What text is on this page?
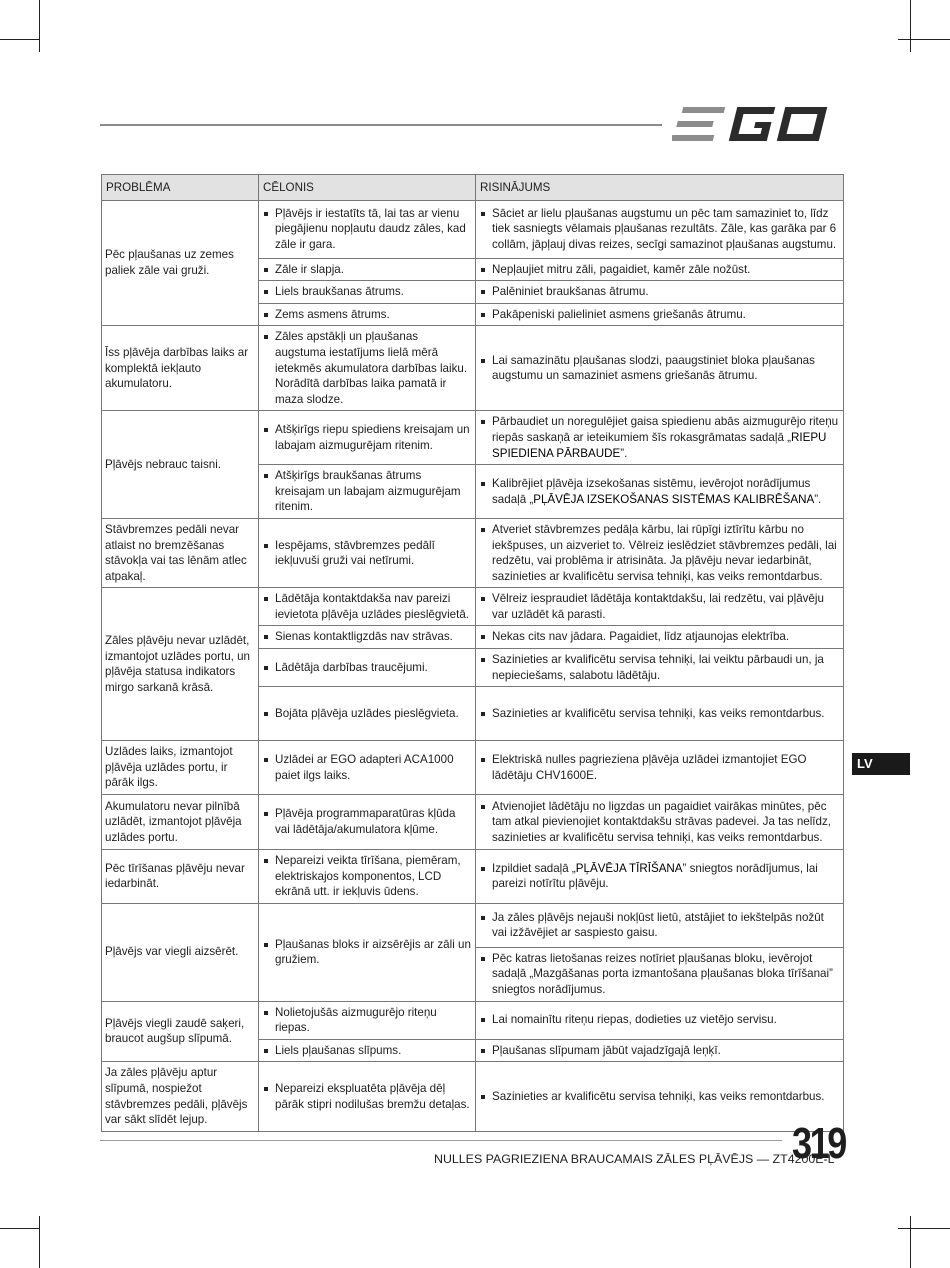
PROBLĒMA	CĒLONIS	RISINĀJUMS
Pēc pļaušanas uz zemes paliek zāle vai gruži.	Pļāvējs ir iestatīts tā, lai tas ar vienu piegājienu nopļautu daudz zāles, kad zāle ir gara.	Sāciet ar lielu pļaušanas augstumu un pēc tam samaziniet to, līdz tiek sasniegts vēlamais pļaušanas rezultāts. Zāle, kas garāka par 6 collām, jāpļauj divas reizes, secīgi samazinot pļaušanas augstumu.

	Zāle ir slapja.	Nepļaujiet mitru zāli, pagaidiet, kamēr zāle nožūst.

	Liels braukšanas ātrums.	Palēniniet braukšanas ātrumu.

	Zems asmens ātrums.	Pakāpeniski palieliniet asmens griešanās ātrumu.

Īss pļāvēja darbības laiks ar komplektā iekļauto akumulatoru.	Zāles apstākļi un pļaušanas augstuma iestatījums lielā mērā ietekmēs akumulatora darbības laiku. Norādītā darbības laika pamatā ir maza slodze.	Lai samazinātu pļaušanas slodzi, paaugstiniet bloka pļaušanas augstumu un samaziniet asmens griešanās ātrumu.

Pļāvējs nebrauc taisni.	Atšķirīgs riepu spiediens kreisajam un labajam aizmugurējam ritenim.	Pārbaudiet un noregulējiet gaisa spiedienu abās aizmugurējo riteņu riepās saskaņā ar ieteikumiem šīs rokasgrāmatas sadaļā „RIEPU SPIEDIENA PĀRBAUDE”.

	Atšķirīgs braukšanas ātrums kreisajam un labajam aizmugurējam ritenim.	Kalibrējiet pļāvēja izsekošanas sistēmu, ievērojot norādījumus sadaļā „PĻĀVĒJA IZSEKOŠANAS SISTĒMAS KALIBRĒŠANA”.

Stāvbremzes pedāli nevar atlaist no bremzēšanas stāvokļa vai tas lēnām atlec atpakaļ.	Iespējams, stāvbremzes pedālī iekļuvuši gruži vai netīrumi.	Atveriet stāvbremzes pedāļa kārbu, lai rūpīgi iztīrītu kārbu no iekšpuses, un aizveriet to. Vēlreiz ieslēdziet stāvbremzes pedāli, lai redzētu, vai problēma ir atrisināta. Ja pļāvēju nevar iedarbināt, sazinieties ar kvalificētu servisa tehniķi, kas veiks remontdarbus.

Zāles pļāvēju nevar uzlādēt, izmantojot uzlādes portu, un pļāvēja statusa indikators mirgo sarkanā krāsā.	Lādētāja kontaktdakša nav pareizi ievietota pļāvēja uzlādes pieslēgvietā.	Vēlreiz iespraudiet lādētāja kontaktdakšu, lai redzētu, vai pļāvēju var uzlādēt kā parasti.

	Sienas kontaktligzdās nav strāvas.	Nekas cits nav jādara. Pagaidiet, līdz atjaunojas elektrība.

	Lādētāja darbības traucējumi.	Sazinieties ar kvalificētu servisa tehniķi, lai veiktu pārbaudi un, ja nepieciešams, salabotu lādētāju.

	Bojāta pļāvēja uzlādes pieslēgvieta.	Sazinieties ar kvalificētu servisa tehniķi, kas veiks remontdarbus.

Uzlādes laiks, izmantojot pļāvēja uzlādes portu, ir pārāk ilgs.	Uzlādei ar EGO adapteri ACA1000 paiet ilgs laiks.	Elektriskā nulles pagrieziena pļāvēja uzlādei izmantojiet EGO lādētāju CHV1600E.

Akumulatoru nevar pilnībā uzlādēt, izmantojot pļāvēja uzlādes portu.	Pļāvēja programmaparatūras kļūda vai lādētāja/akumulatora kļūme.	Atvienojiet lādētāju no ligzdas un pagaidiet vairākas minūtes, pēc tam atkal pievienojiet kontaktdakšu strāvas padevei. Ja tas nelīdz, sazinieties ar kvalificētu servisa tehniķi, kas veiks remontdarbus.

Pēc tīrīšanas pļāvēju nevar iedarbināt.	Nepareizi veikta tīrīšana, piemēram, elektriskajos komponentos, LCD ekrānā utt. ir iekļuvis ūdens.	Izpildiet sadaļā „PĻĀVĒJA TĪRĪŠANA” sniegtos norādījumus, lai pareizi notīrītu pļāvēju.

Pļāvējs var viegli aizsērēt.	Pļaušanas bloks ir aizsērējis ar zāli un gružiem.	Ja zāles pļāvējs nejauši nokļūst lietū, atstājiet to iekštelpās nožūt vai izžāvējiet ar saspiesto gaisu.

		Pēc katras lietošanas reizes notīriet pļaušanas bloku, ievērojot sadaļā „Mazgāšanas porta izmantošana pļaušanas bloka tīrīšanai” sniegtos norādījumus.

Pļāvējs viegli zaudē saķeri, braucot augšup slīpumā.	Nolietojušās aizmugurējo riteņu riepas.	Lai nomainītu riteņu riepas, dodieties uz vietējo servisu.

	Liels pļaušanas slīpums.	Pļaušanas slīpumam jābūt vajadzīgajā leņķī.

Ja zāles pļāvēju aptur slīpumā, nospiežot stāvbremzes pedāli, pļāvējs var sākt slīdēt lejup.	Nepareizi ekspluatēta pļāvēja dēļ pārāk stipri nodilušas bremžu detaļas.	Sazinieties ar kvalificētu servisa tehniķi, kas veiks remontdarbus.
LV
NULLES PAGRIEZIENA BRAUCAMAIS ZĀLES PĻĀVĒJS — ZT4200E-L
319
